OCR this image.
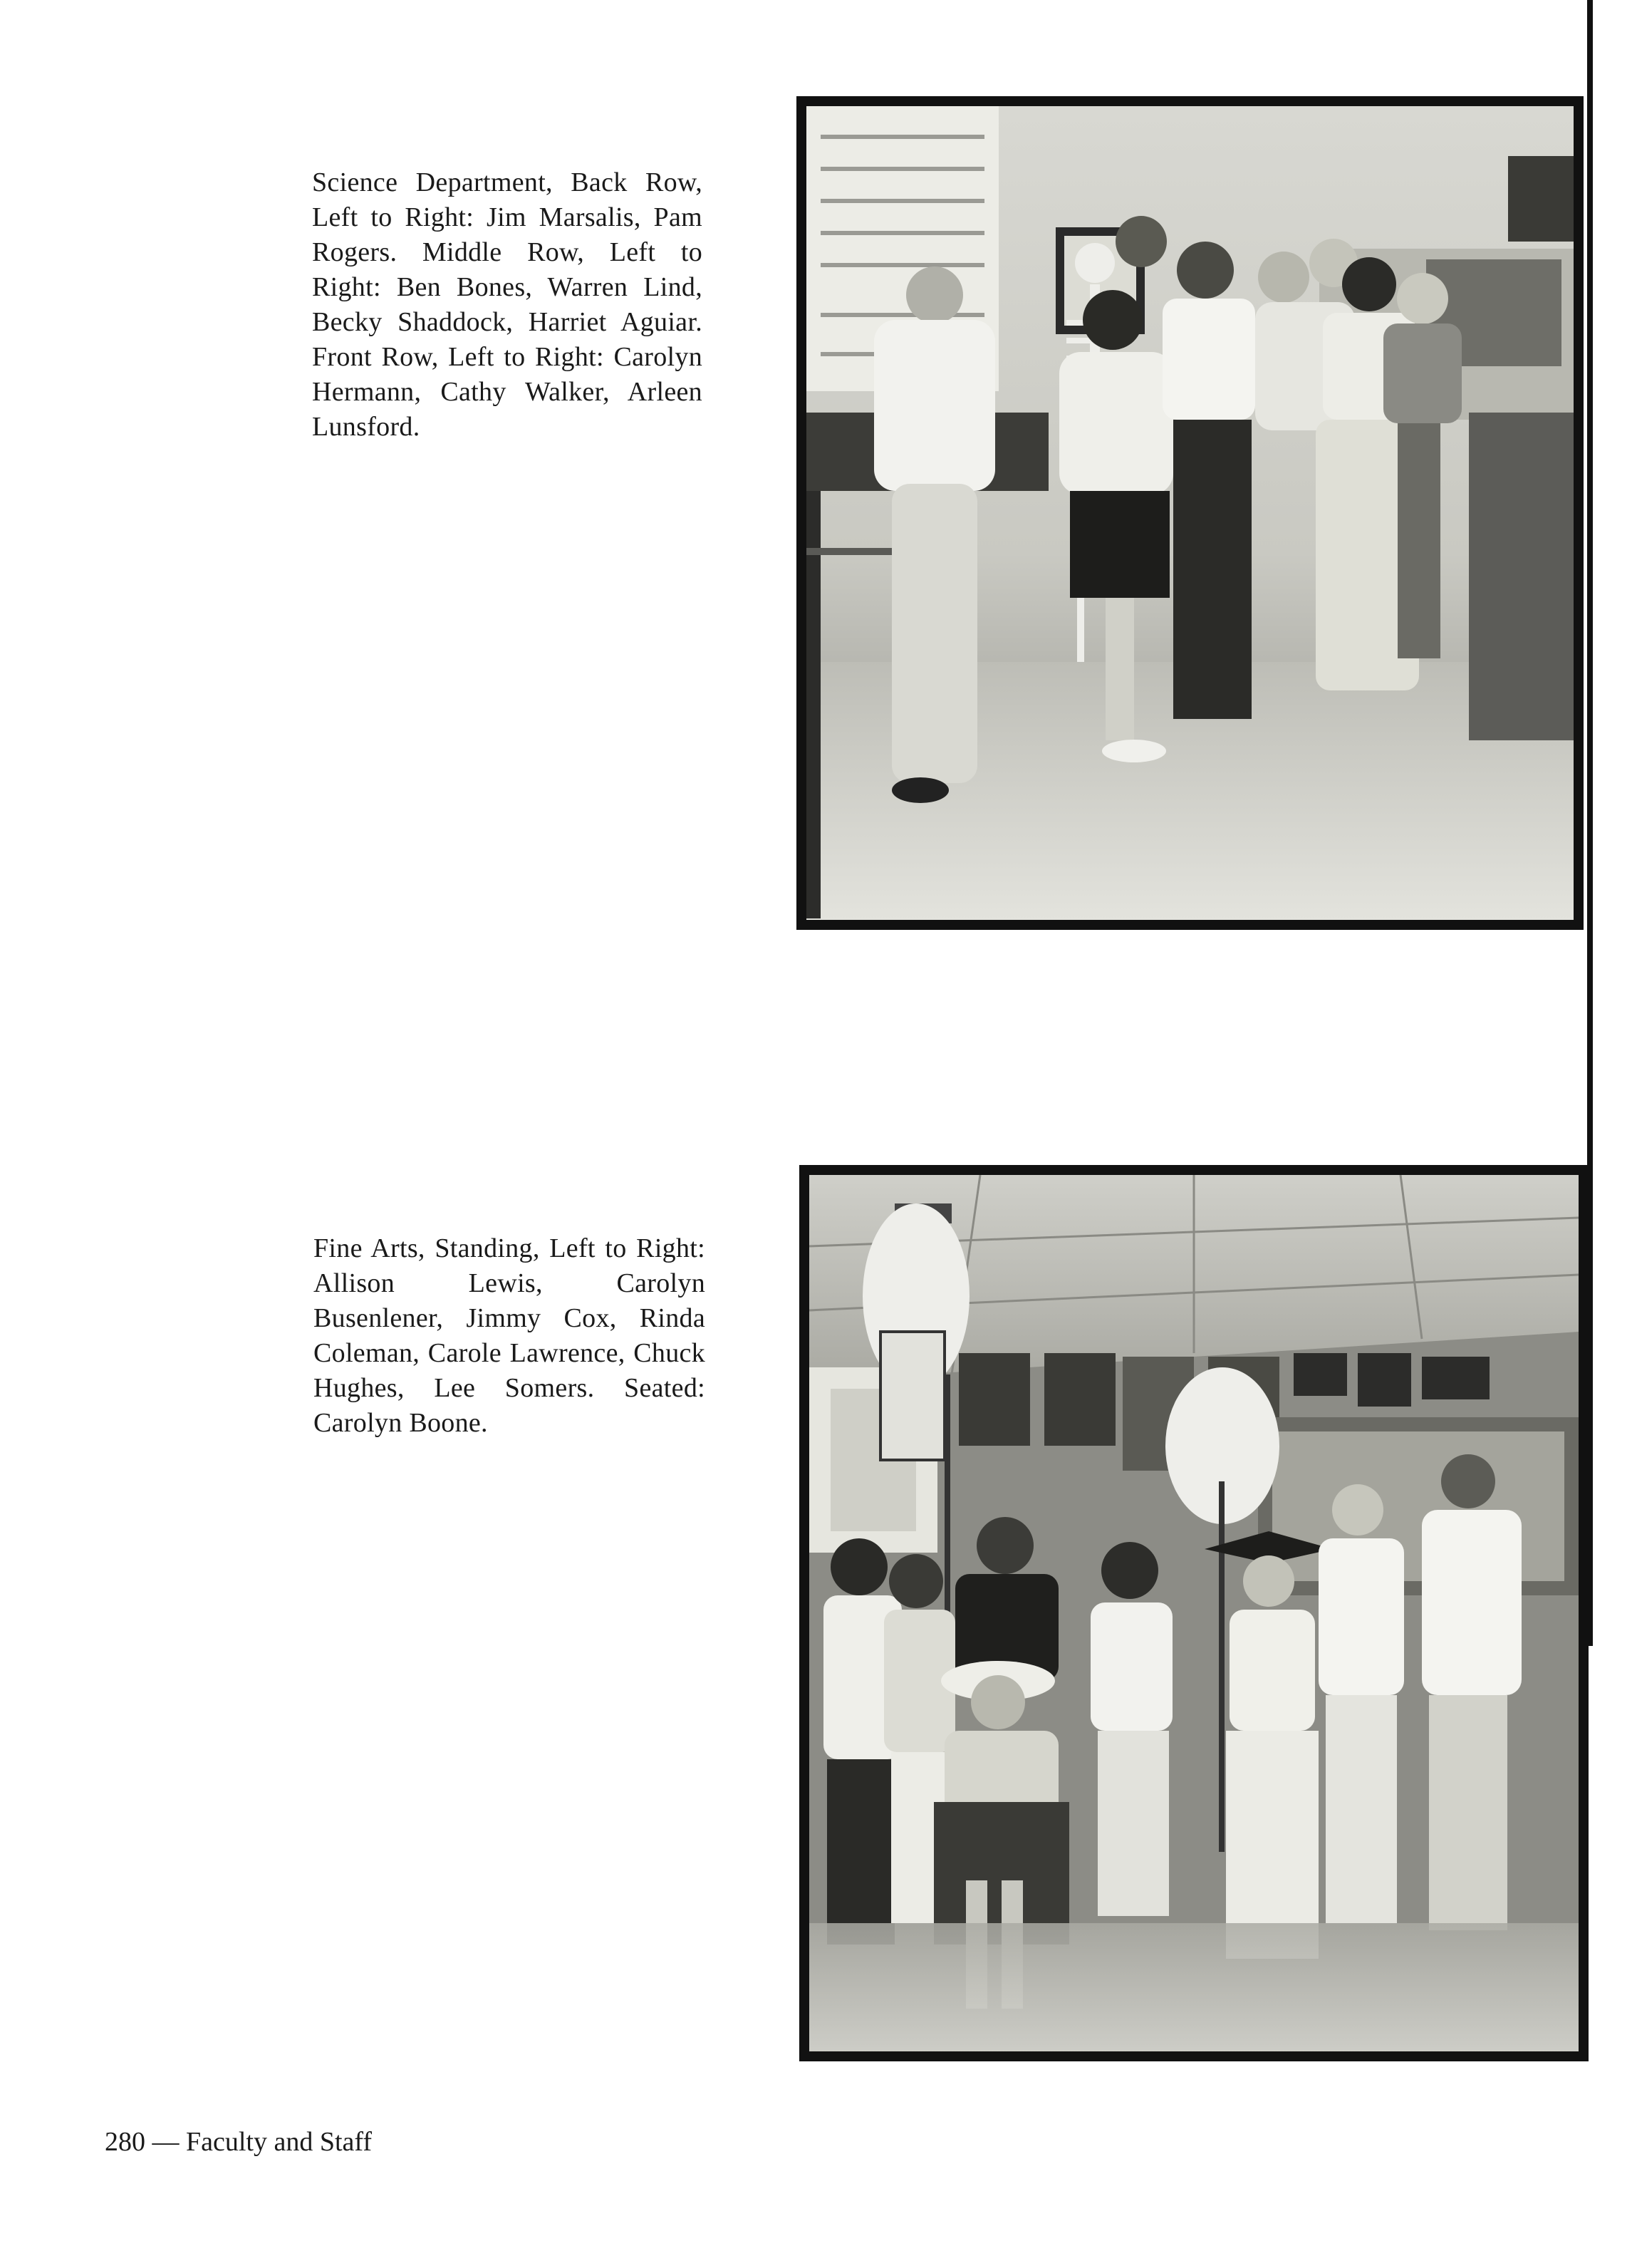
Science Department, Back Row, Left to Right: Jim Marsalis, Pam Rogers. Middle Row, Left to Right: Ben Bones, Warren Lind, Becky Shaddock, Harriet Aguiar. Front Row, Left to Right: Carolyn Hermann, Cathy Walker, Arleen Lunsford.
Fine Arts, Standing, Left to Right: Allison Lewis, Carolyn Busenlener, Jimmy Cox, Rinda Coleman, Carole Lawrence, Chuck Hughes, Lee Somers. Seated: Carolyn Boone.
280 — Faculty and Staff
